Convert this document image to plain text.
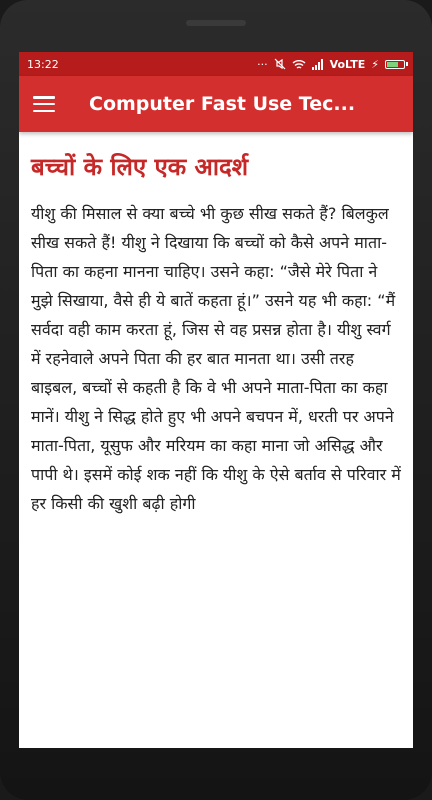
13:22	···	VoLTE ⚡
Computer Fast Use Tec...
बच्चों के लिए एक आदर्श

यीशु की मिसाल से क्या बच्चे भी कुछ सीख सकते हैं? बिलकुल सीख सकते हैं! यीशु ने दिखाया कि बच्चों को कैसे अपने माता-पिता का कहना मानना चाहिए। उसने कहा: “जैसे मेरे पिता ने मुझे सिखाया, वैसे ही ये बातें कहता हूं।” उसने यह भी कहा: “मैं सर्वदा वही काम करता हूं, जिस से वह प्रसन्न होता है। यीशु स्वर्ग में रहनेवाले अपने पिता की हर बात मानता था। उसी तरह बाइबल, बच्चों से कहती है कि वे भी अपने माता-पिता का कहा मानें। यीशु ने सिद्ध होते हुए भी अपने बचपन में, धरती पर अपने माता-पिता, यूसुफ और मरियम का कहा माना जो असिद्ध और पापी थे। इसमें कोई शक नहीं कि यीशु के ऐसे बर्ताव से परिवार में हर किसी की खुशी बढ़ी होगी
